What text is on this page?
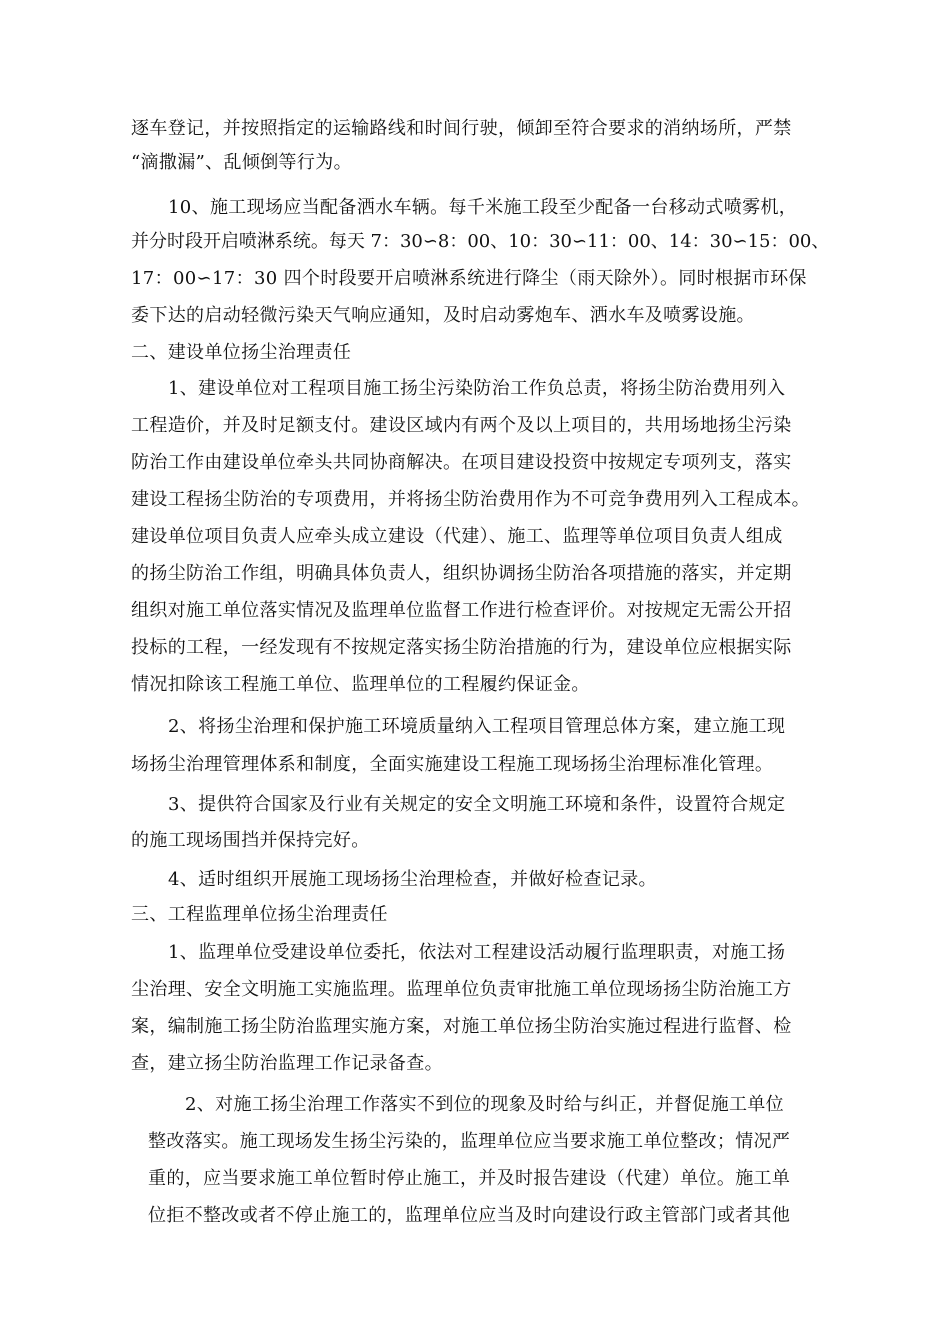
逐车登记，并按照指定的运输路线和时间行驶，倾卸至符合要求的消纳场所，严禁

“滴撒漏”、乱倾倒等行为。

10、施工现场应当配备洒水车辆。每千米施工段至少配备一台移动式喷雾机，

并分时段开启喷淋系统。每天 7：30∽8：00、10：30∽11：00、14：30∽15：00、

17：00∽17：30 四个时段要开启喷淋系统进行降尘（雨天除外）。同时根据市环保

委下达的启动轻微污染天气响应通知，及时启动雾炮车、洒水车及喷雾设施。

二、建设单位扬尘治理责任

1、建设单位对工程项目施工扬尘污染防治工作负总责，将扬尘防治费用列入

工程造价，并及时足额支付。建设区域内有两个及以上项目的，共用场地扬尘污染

防治工作由建设单位牵头共同协商解决。在项目建设投资中按规定专项列支，落实

建设工程扬尘防治的专项费用，并将扬尘防治费用作为不可竞争费用列入工程成本。

建设单位项目负责人应牵头成立建设（代建）、施工、监理等单位项目负责人组成

的扬尘防治工作组，明确具体负责人，组织协调扬尘防治各项措施的落实，并定期

组织对施工单位落实情况及监理单位监督工作进行检查评价。对按规定无需公开招

投标的工程，一经发现有不按规定落实扬尘防治措施的行为，建设单位应根据实际

情况扣除该工程施工单位、监理单位的工程履约保证金。

2、将扬尘治理和保护施工环境质量纳入工程项目管理总体方案，建立施工现

场扬尘治理管理体系和制度，全面实施建设工程施工现场扬尘治理标准化管理。

3、提供符合国家及行业有关规定的安全文明施工环境和条件，设置符合规定

的施工现场围挡并保持完好。

4、适时组织开展施工现场扬尘治理检查，并做好检查记录。

三、工程监理单位扬尘治理责任

1、监理单位受建设单位委托，依法对工程建设活动履行监理职责，对施工扬

尘治理、安全文明施工实施监理。监理单位负责审批施工单位现场扬尘防治施工方

案，编制施工扬尘防治监理实施方案，对施工单位扬尘防治实施过程进行监督、检

查，建立扬尘防治监理工作记录备查。

2、对施工扬尘治理工作落实不到位的现象及时给与纠正，并督促施工单位

整改落实。施工现场发生扬尘污染的，监理单位应当要求施工单位整改；情况严

重的，应当要求施工单位暂时停止施工，并及时报告建设（代建）单位。施工单

位拒不整改或者不停止施工的，监理单位应当及时向建设行政主管部门或者其他
